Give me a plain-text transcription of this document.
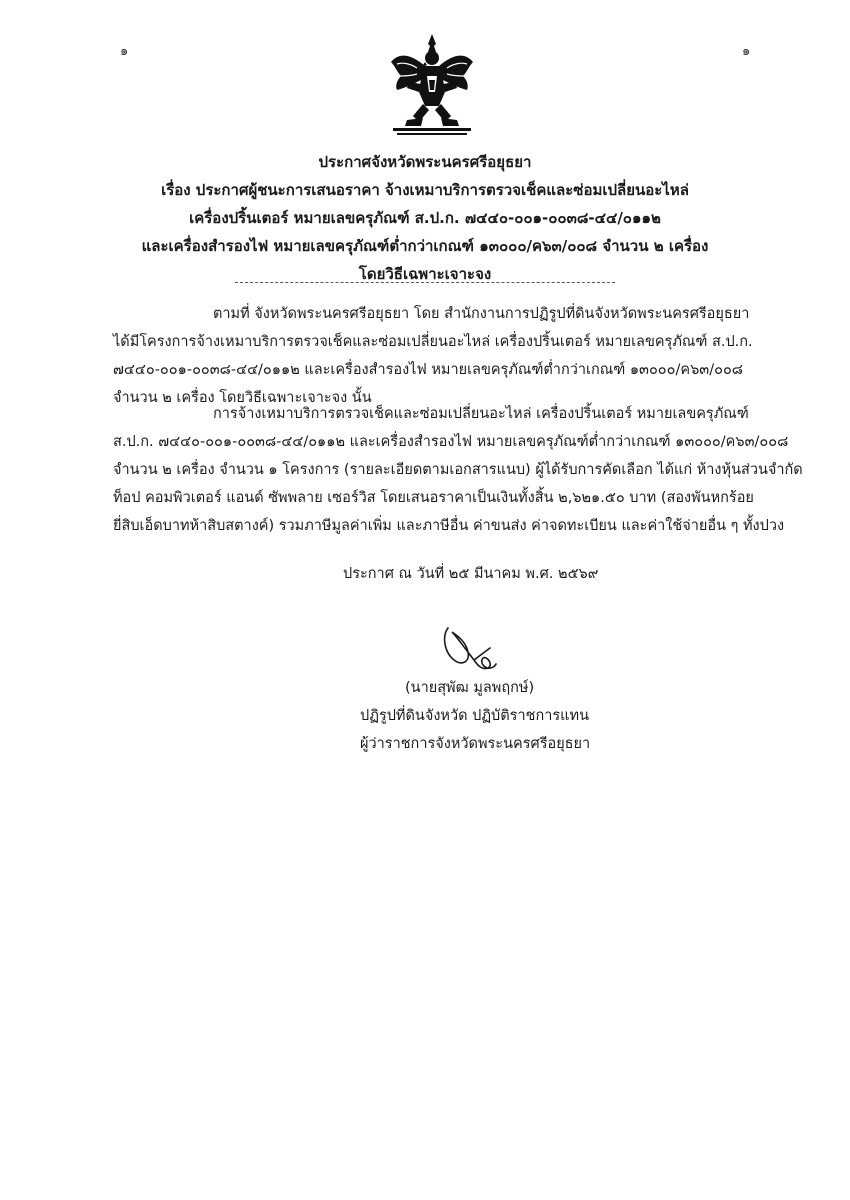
๑	๑
ประกาศจังหวัดพระนครศรีอยุธยา
เรื่อง ประกาศผู้ชนะการเสนอราคา จ้างเหมาบริการตรวจเช็คและซ่อมเปลี่ยนอะไหล่
เครื่องปริ้นเตอร์ หมายเลขครุภัณฑ์ ส.ป.ก. ๗๔๔๐-๐๐๑-๐๐๓๘-๔๔/๐๑๑๒
และเครื่องสำรองไฟ หมายเลขครุภัณฑ์ต่ำกว่าเกณฑ์ ๑๓๐๐๐/ค๖๓/๐๐๘ จำนวน ๒ เครื่อง
โดยวิธีเฉพาะเจาะจง
ตามที่ จังหวัดพระนครศรีอยุธยา โดย สำนักงานการปฏิรูปที่ดินจังหวัดพระนครศรีอยุธยา
ได้มีโครงการจ้างเหมาบริการตรวจเช็คและซ่อมเปลี่ยนอะไหล่ เครื่องปริ้นเตอร์ หมายเลขครุภัณฑ์ ส.ป.ก.
๗๔๔๐-๐๐๑-๐๐๓๘-๔๔/๐๑๑๒ และเครื่องสำรองไฟ หมายเลขครุภัณฑ์ต่ำกว่าเกณฑ์ ๑๓๐๐๐/ค๖๓/๐๐๘
จำนวน ๒ เครื่อง โดยวิธีเฉพาะเจาะจง นั้น
การจ้างเหมาบริการตรวจเช็คและซ่อมเปลี่ยนอะไหล่ เครื่องปริ้นเตอร์ หมายเลขครุภัณฑ์
ส.ป.ก. ๗๔๔๐-๐๐๑-๐๐๓๘-๔๔/๐๑๑๒ และเครื่องสำรองไฟ หมายเลขครุภัณฑ์ต่ำกว่าเกณฑ์ ๑๓๐๐๐/ค๖๓/๐๐๘
จำนวน ๒ เครื่อง จำนวน ๑ โครงการ (รายละเอียดตามเอกสารแนบ) ผู้ได้รับการคัดเลือก ได้แก่ ห้างหุ้นส่วนจำกัด
ท็อป คอมพิวเตอร์ แอนด์ ซัพพลาย เซอร์วิส โดยเสนอราคาเป็นเงินทั้งสิ้น ๒,๖๒๑.๕๐ บาท (สองพันหกร้อย
ยี่สิบเอ็ดบาทห้าสิบสตางค์) รวมภาษีมูลค่าเพิ่ม และภาษีอื่น ค่าขนส่ง ค่าจดทะเบียน และค่าใช้จ่ายอื่น ๆ ทั้งปวง
ประกาศ ณ วันที่ ๒๕ มีนาคม พ.ศ. ๒๕๖๙
(นายสุพัฒ มูลพฤกษ์)
ปฏิรูปที่ดินจังหวัด ปฏิบัติราชการแทน
ผู้ว่าราชการจังหวัดพระนครศรีอยุธยา
